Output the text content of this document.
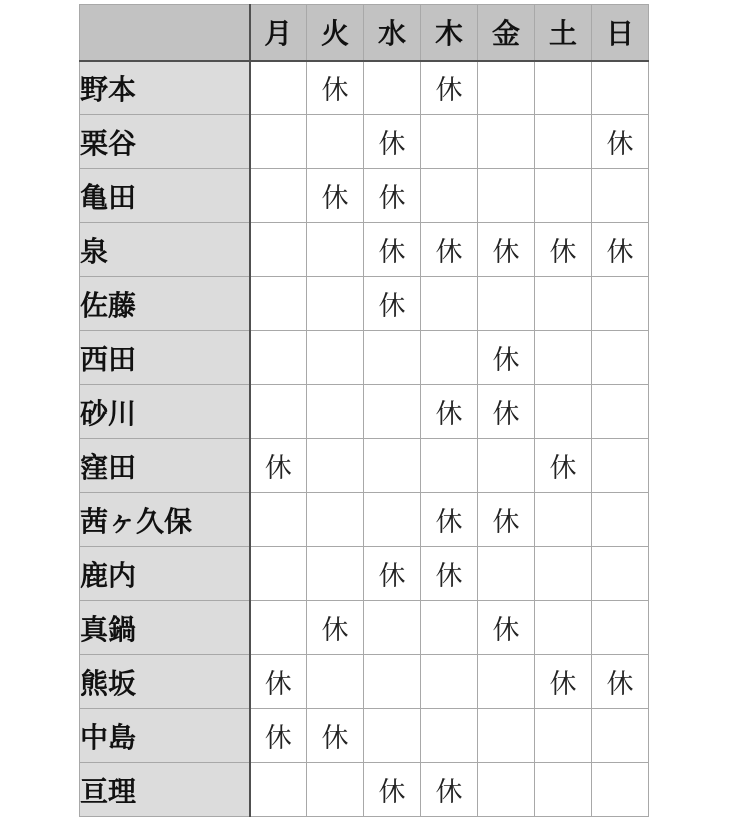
	月	火	水	木	金	土	日
野本		休		休			
栗谷			休				休
亀田		休	休				
泉			休	休	休	休	休
佐藤			休				
西田					休		
砂川				休	休		
窪田	休					休	
茜ヶ久保				休	休		
鹿内			休	休			
真鍋		休			休		
熊坂	休					休	休
中島	休	休					
亘理			休	休			
